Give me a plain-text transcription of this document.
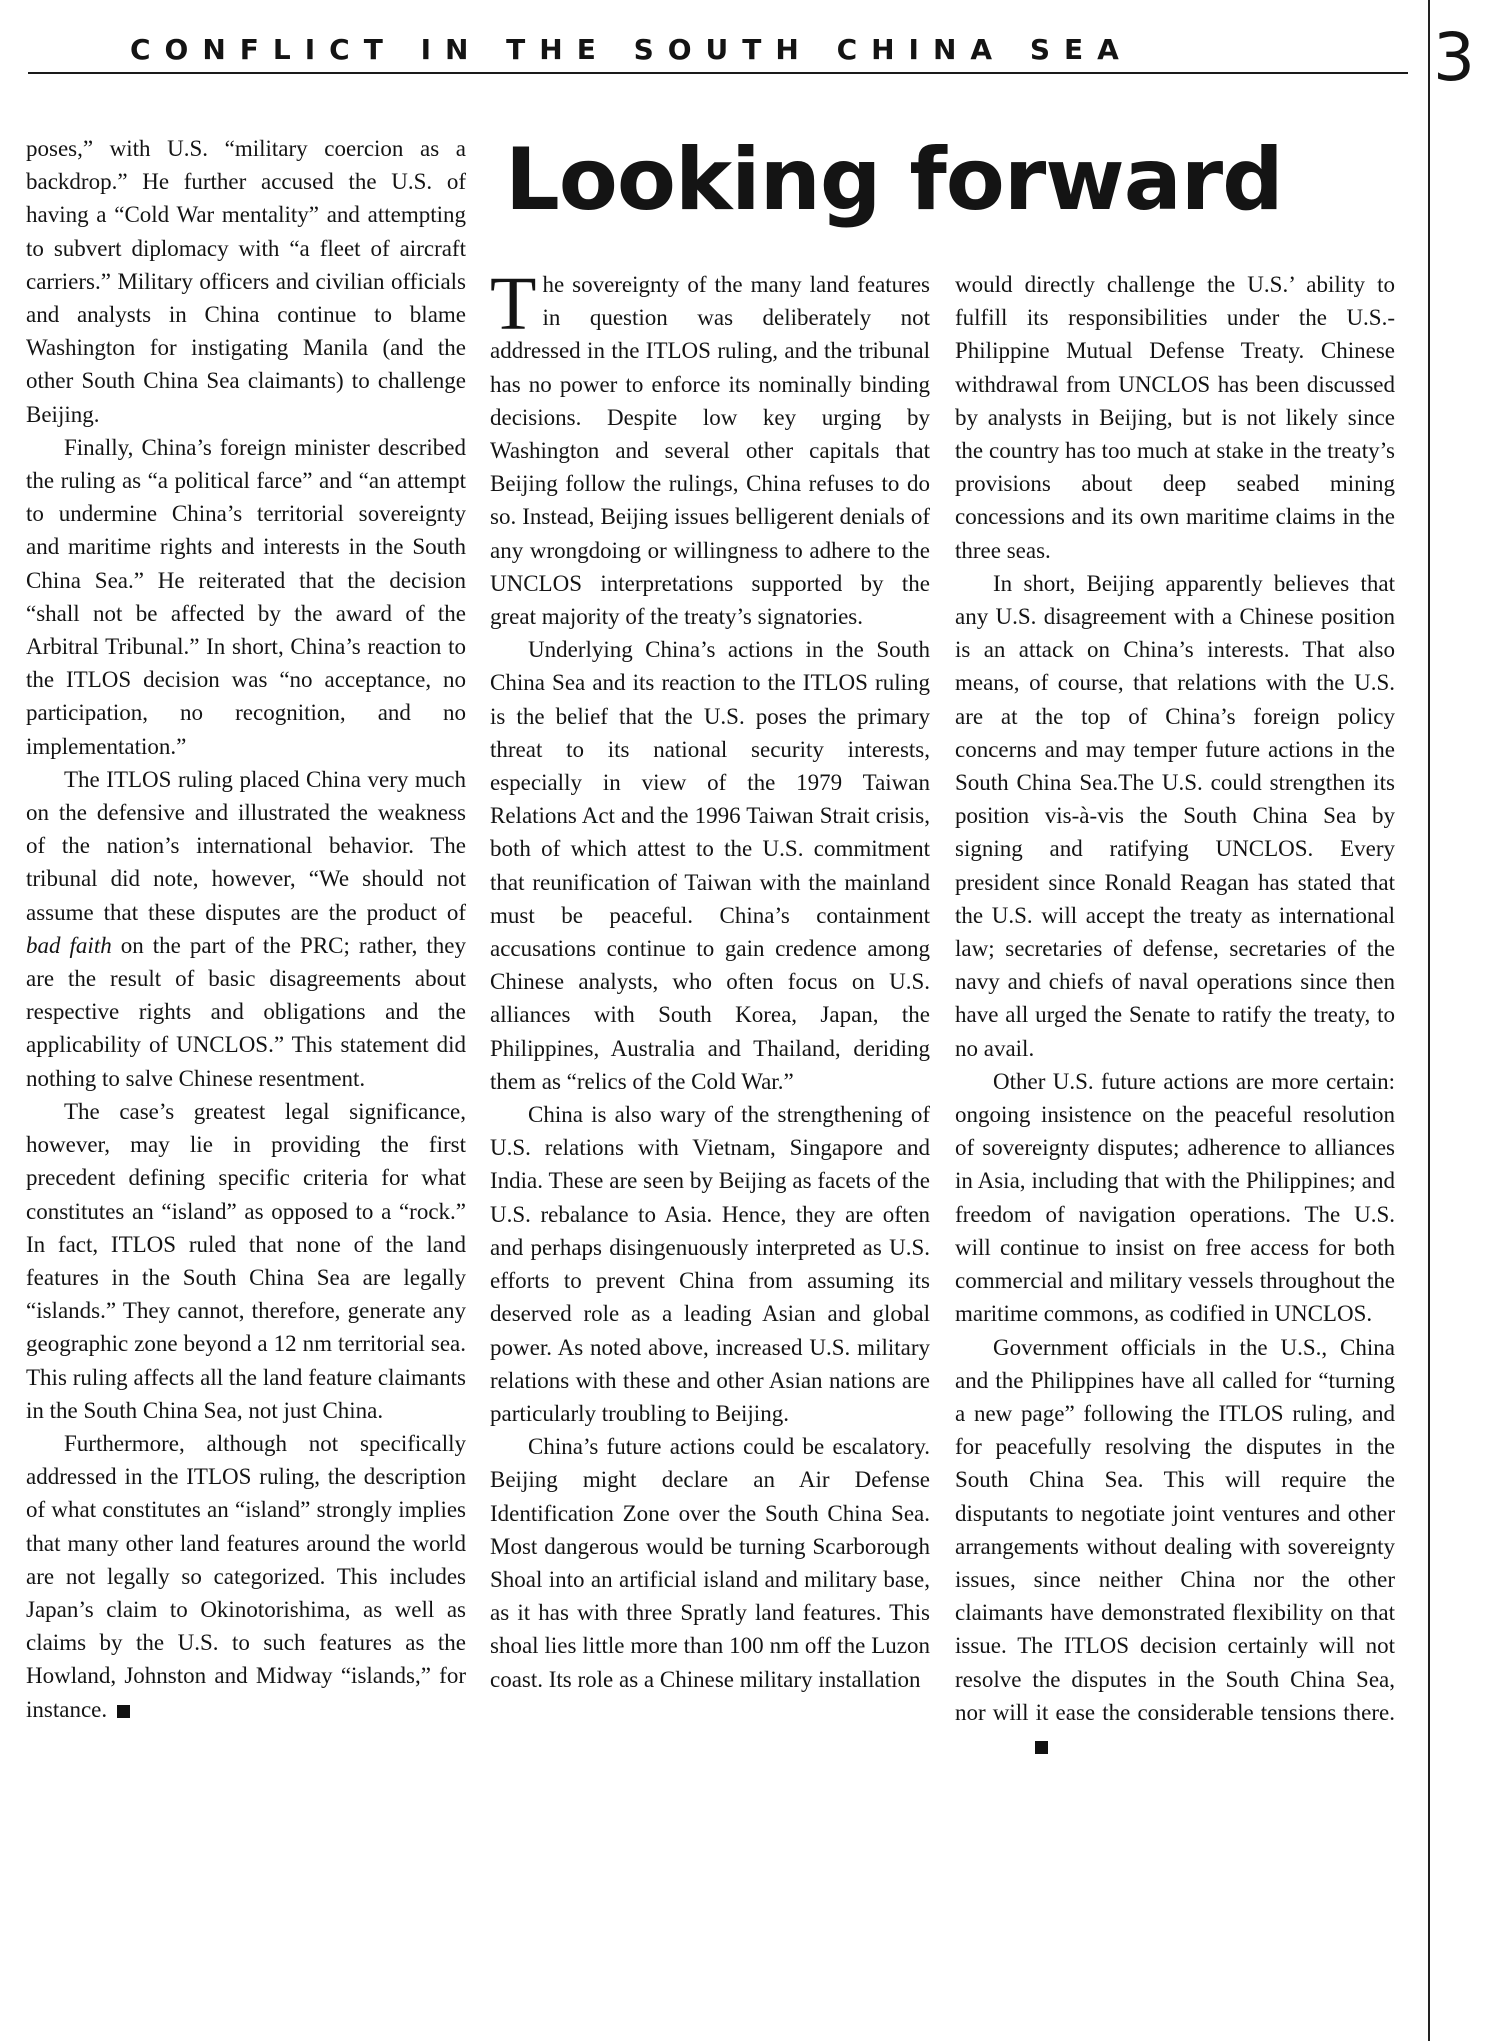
CONFLICT IN THE SOUTH CHINA SEA	3
Looking forward

poses,” with U.S. “military coercion as a backdrop.” He further accused the U.S. of having a “Cold War mentality” and attempting to subvert diplomacy with “a fleet of aircraft carriers.” Military officers and civilian officials and analysts in China continue to blame Washington for instigating Manila (and the other South China Sea claimants) to challenge Beijing.

Finally, China’s foreign minister described the ruling as “a political farce” and “an attempt to undermine China’s territorial sovereignty and maritime rights and interests in the South China Sea.” He reiterated that the decision “shall not be affected by the award of the Arbitral Tribunal.” In short, China’s reaction to the ITLOS decision was “no acceptance, no participation, no recognition, and no implementation.”

The ITLOS ruling placed China very much on the defensive and illustrated the weakness of the nation’s international behavior. The tribunal did note, however, “We should not assume that these disputes are the product of bad faith on the part of the PRC; rather, they are the result of basic disagreements about respective rights and obligations and the applicability of UNCLOS.” This statement did nothing to salve Chinese resentment.

The case’s greatest legal significance, however, may lie in providing the first precedent defining specific criteria for what constitutes an “island” as opposed to a “rock.” In fact, ITLOS ruled that none of the land features in the South China Sea are legally “islands.” They cannot, therefore, generate any geographic zone beyond a 12 nm territorial sea. This ruling affects all the land feature claimants in the South China Sea, not just China.

Furthermore, although not specifically addressed in the ITLOS ruling, the description of what constitutes an “island” strongly implies that many other land features around the world are not legally so categorized. This includes Japan’s claim to Okinotorishima, as well as claims by the U.S. to such features as the Howland, Johnston and Midway “islands,” for instance.

The sovereignty of the many land features in question was deliberately not addressed in the ITLOS ruling, and the tribunal has no power to enforce its nominally binding decisions. Despite low key urging by Washington and several other capitals that Beijing follow the rulings, China refuses to do so. Instead, Beijing issues belligerent denials of any wrongdoing or willingness to adhere to the UNCLOS interpretations supported by the great majority of the treaty’s signatories.

Underlying China’s actions in the South China Sea and its reaction to the ITLOS ruling is the belief that the U.S. poses the primary threat to its national security interests, especially in view of the 1979 Taiwan Relations Act and the 1996 Taiwan Strait crisis, both of which attest to the U.S. commitment that reunification of Taiwan with the mainland must be peaceful. China’s containment accusations continue to gain credence among Chinese analysts, who often focus on U.S. alliances with South Korea, Japan, the Philippines, Australia and Thailand, deriding them as “relics of the Cold War.”

China is also wary of the strengthening of U.S. relations with Vietnam, Singapore and India. These are seen by Beijing as facets of the U.S. rebalance to Asia. Hence, they are often and perhaps disingenuously interpreted as U.S. efforts to prevent China from assuming its deserved role as a leading Asian and global power. As noted above, increased U.S. military relations with these and other Asian nations are particularly troubling to Beijing.

China’s future actions could be escalatory. Beijing might declare an Air Defense Identification Zone over the South China Sea. Most dangerous would be turning Scarborough Shoal into an artificial island and military base, as it has with three Spratly land features. This shoal lies little more than 100 nm off the Luzon coast. Its role as a Chinese military installation

would directly challenge the U.S.’ ability to fulfill its responsibilities under the U.S.-Philippine Mutual Defense Treaty. Chinese withdrawal from UNCLOS has been discussed by analysts in Beijing, but is not likely since the country has too much at stake in the treaty’s provisions about deep seabed mining concessions and its own maritime claims in the three seas.

In short, Beijing apparently believes that any U.S. disagreement with a Chinese position is an attack on China’s interests. That also means, of course, that relations with the U.S. are at the top of China’s foreign policy concerns and may temper future actions in the South China Sea.The U.S. could strengthen its position vis-à-vis the South China Sea by signing and ratifying UNCLOS. Every president since Ronald Reagan has stated that the U.S. will accept the treaty as international law; secretaries of defense, secretaries of the navy and chiefs of naval operations since then have all urged the Senate to ratify the treaty, to no avail.

Other U.S. future actions are more certain: ongoing insistence on the peaceful resolution of sovereignty disputes; adherence to alliances in Asia, including that with the Philippines; and freedom of navigation operations. The U.S. will continue to insist on free access for both commercial and military vessels throughout the maritime commons, as codified in UNCLOS.

Government officials in the U.S., China and the Philippines have all called for “turning a new page” following the ITLOS ruling, and for peacefully resolving the disputes in the South China Sea. This will require the disputants to negotiate joint ventures and other arrangements without dealing with sovereignty issues, since neither China nor the other claimants have demonstrated flexibility on that issue. The ITLOS decision certainly will not resolve the disputes in the South China Sea, nor will it ease the considerable tensions there.
